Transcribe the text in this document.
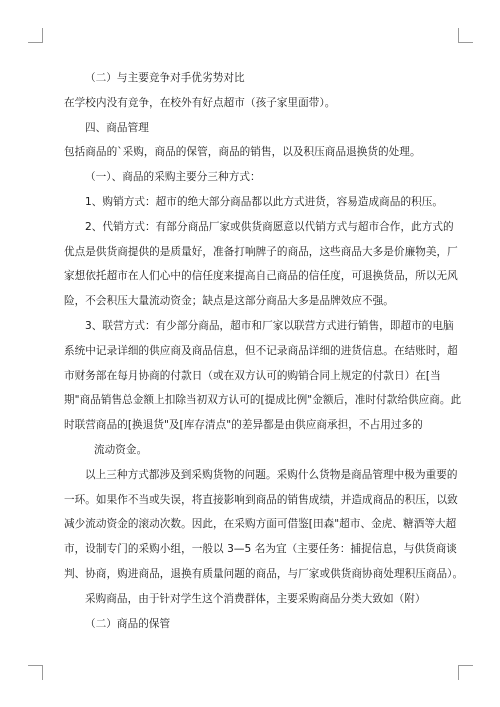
（二）与主要竞争对手优劣势对比

在学校内没有竞争，在校外有好点超市（孩子家里面带）。

四、商品管理

包括商品的`采购，商品的保管，商品的销售，以及积压商品退换货的处理。

（一）、商品的采购主要分三种方式：

1、购销方式：超市的绝大部分商品都以此方式进货，容易造成商品的积压。

2、代销方式：有部分商品厂家或供货商愿意以代销方式与超市合作，此方式的

优点是供货商提供的是质量好，准备打响牌子的商品，这些商品大多是价廉物美，厂

家想依托超市在人们心中的信任度来提高自己商品的信任度，可退换货品，所以无风

险，不会积压大量流动资金；缺点是这部分商品大多是品牌效应不强。

3、联营方式：有少部分商品，超市和厂家以联营方式进行销售，即超市的电脑

系统中记录详细的供应商及商品信息，但不记录商品详细的进货信息。在结账时，超

市财务部在每月协商的付款日（或在双方认可的购销合同上规定的付款日）在[当

期"商品销售总金额上扣除当初双方认可的[提成比例"金额后，准时付款给供应商。此

时联营商品的[换退货"及[库存清点"的差异都是由供应商承担，不占用过多的

流动资金。

以上三种方式都涉及到采购货物的问题。采购什么货物是商品管理中极为重要的

一环。如果作不当或失误，将直接影响到商品的销售成绩，并造成商品的积压，以致

减少流动资金的滚动次数。因此，在采购方面可借鉴[田森"超市、金虎、糖酒等大超

市，设制专门的采购小组，一般以 3—5 名为宜（主要任务：捕捉信息，与供货商谈

判、协商，购进商品，退换有质量问题的商品，与厂家或供货商协商处理积压商品）。

采购商品，由于针对学生这个消费群体，主要采购商品分类大致如（附）

（二）商品的保管
